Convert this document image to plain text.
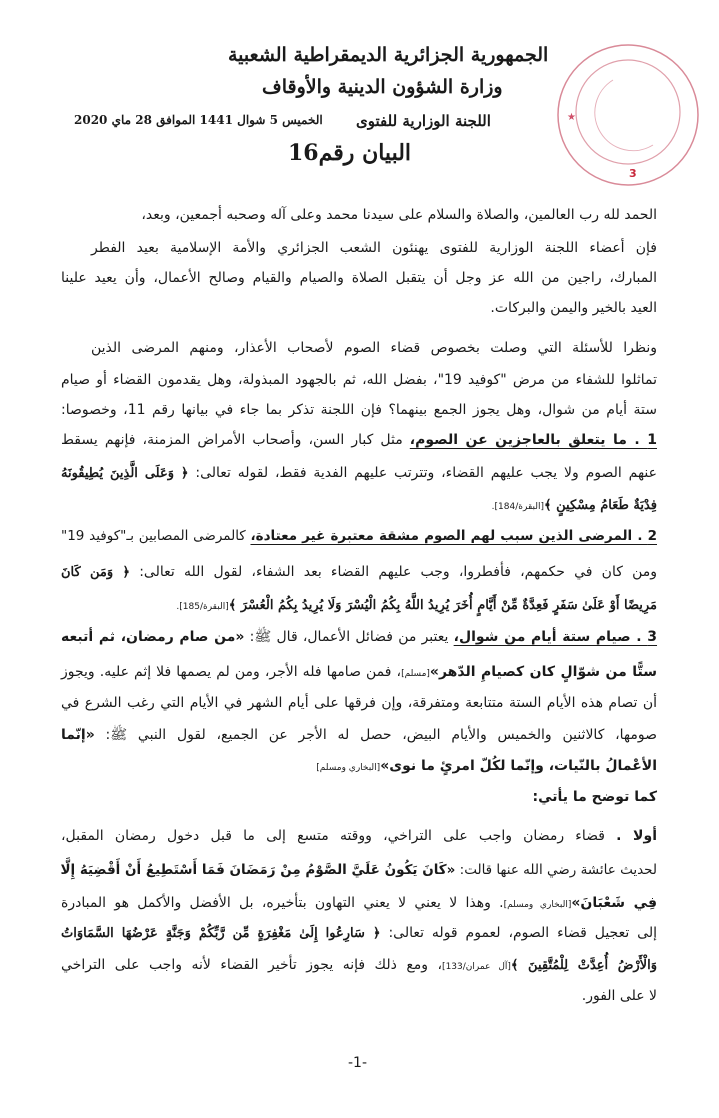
★
3
الجمهورية الجزائرية الديمقراطية الشعبية
وزارة الشؤون الدينية والأوقاف
الخميس 5 شوال 1441 الموافق 28 ماي 2020 اللجنة الوزارية للفتوى
البيان رقم16
الحمد لله رب العالمين، والصلاة والسلام على سيدنا محمد وعلى آله وصحبه أجمعين، وبعد،
فإن أعضاء اللجنة الوزارية للفتوى يهنئون الشعب الجزائري والأمة الإسلامية بعيد الفطر
المبارك، راجين من الله عز وجل أن يتقبل الصلاة والصيام والقيام وصالح الأعمال، وأن يعيد علينا
العيد بالخير واليمن والبركات.
ونظرا للأسئلة التي وصلت بخصوص قضاء الصوم لأصحاب الأعذار، ومنهم المرضى الذين
تماثلوا للشفاء من مرض "كوفيد 19"، بفضل الله، ثم بالجهود المبذولة، وهل يقدمون القضاء أو صيام
ستة أيام من شوال، وهل يجوز الجمع بينهما؟ فإن اللجنة تذكر بما جاء في بيانها رقم 11، وخصوصا:
1 . ما يتعلق بالعاجزين عن الصوم، مثل كبار السن، وأصحاب الأمراض المزمنة، فإنهم يسقط
عنهم الصوم ولا يجب عليهم القضاء، وتترتب عليهم الفدية فقط، لقوله تعالى: ﴿ وَعَلَى الَّذِينَ يُطِيقُونَهُ
فِدْيَةٌ طَعَامُ مِسْكِينٍ ﴾[البقرة/184].
2 . المرضى الذين سبب لهم الصوم مشقة معتبرة غير معتادة، كالمرضى المصابين بـ"كوفيد 19"
ومن كان في حكمهم، فأفطروا، وجب عليهم القضاء بعد الشفاء، لقول الله تعالى: ﴿ وَمَن كَانَ
مَرِيضًا أَوْ عَلَىٰ سَفَرٍ فَعِدَّةٌ مِّنْ أَيَّامٍ أُخَرَ يُرِيدُ اللَّهُ بِكُمُ الْيُسْرَ وَلَا يُرِيدُ بِكُمُ الْعُسْرَ ﴾[البقرة/185].
3 . صيام ستة أيام من شوال، يعتبر من فضائل الأعمال، قال ﷺ: «من صام رمضان، ثم أتبعه
ستًّا من شوّالٍ كان كصيامِ الدّهر»[مسلم]، فمن صامها فله الأجر، ومن لم يصمها فلا إثم عليه. ويجوز
أن تصام هذه الأيام الستة متتابعة ومتفرقة، وإن فرقها على أيام الشهر في الأيام التي رغب الشرع في
صومها، كالاثنين والخميس والأيام البيض، حصل له الأجر عن الجميع، لقول النبي ﷺ: «إنّما
الأعْمالُ بالنّيات، وإنّما لكُلّ امرئٍ ما نوى»[البخاري ومسلم]
كما توضح ما يأتي:
أولا . قضاء رمضان واجب على التراخي، ووقته متسع إلى ما قبل دخول رمضان المقبل،
لحديث عائشة رضي الله عنها قالت: «كَانَ يَكُونُ عَلَيَّ الصَّوْمُ مِنْ رَمَضَانَ فَمَا أَسْتَطِيعُ أَنْ أَقْضِيَهُ إِلَّا
فِي شَعْبَانَ»[البخاري ومسلم]. وهذا لا يعني لا يعني التهاون بتأخيره، بل الأفضل والأكمل هو المبادرة
إلى تعجيل قضاء الصوم، لعموم قوله تعالى: ﴿ سَارِعُوا إِلَىٰ مَغْفِرَةٍ مِّن رَّبِّكُمْ وَجَنَّةٍ عَرْضُهَا السَّمَاوَاتُ
وَالْأَرْضُ أُعِدَّتْ لِلْمُتَّقِينَ ﴾[آل عمران/133]، ومع ذلك فإنه يجوز تأخير القضاء لأنه واجب على التراخي
لا على الفور.
-1-
